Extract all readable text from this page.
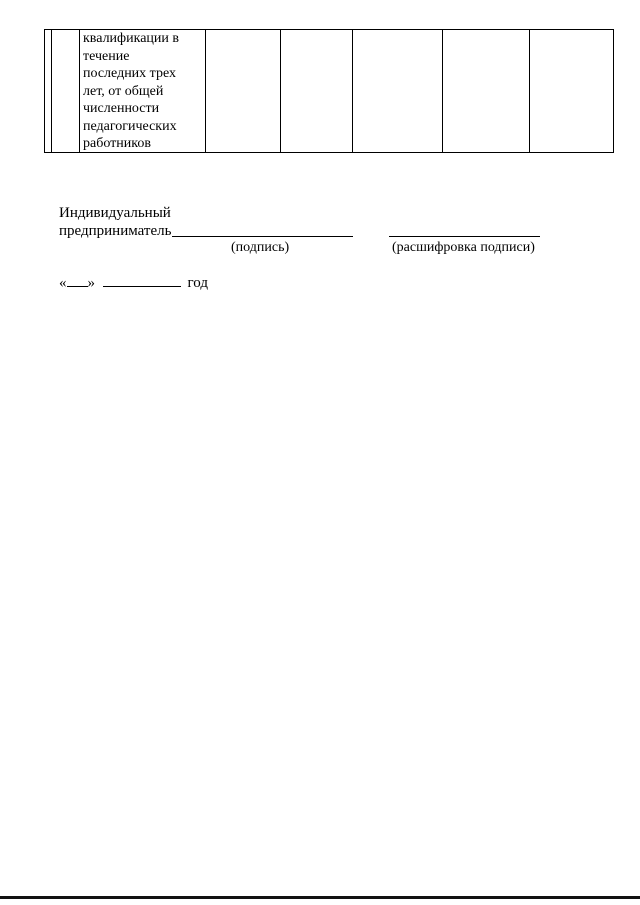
квалификации в
течение
последних трех
лет, от общей
численности
педагогических
работников
Индивидуальный
предприниматель
(подпись)	(расшифровка подписи)
« »	год
